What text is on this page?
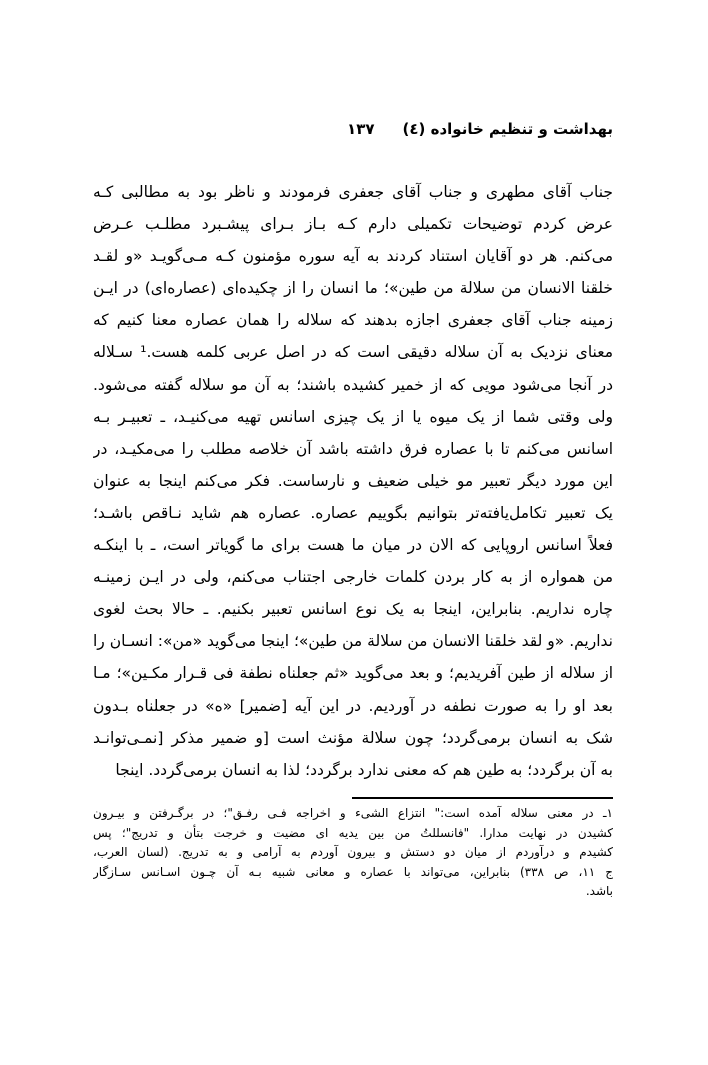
بهداشت و تنظیم خانواده (٤)
١٣٧
جناب آقای مطهری و جناب آقای جعفری فرمودند و ناظر بود به مطالبی کـه
عرض کردم توضیحات تکمیلی دارم کـه بـاز بـرای پیشـبرد مطلـب عـرض
می‌کنم. هر دو آقایان استناد کردند به آیه سوره مؤمنون کـه مـی‌گویـد «و لقـد
خلقنا الانسان من سلالة من طین»؛ ما انسان را از چکیده‌ای (عصاره‌ای) در ایـن
زمینه جناب آقای جعفری اجازه بدهند که سلاله را همان عصاره معنا کنیم که
معنای نزدیک به آن سلاله دقیقی است که در اصل عربی کلمه هست.¹ سـلاله
در آنجا می‌شود مویی که از خمیر کشیده باشند؛ به آن مو سلاله گفته می‌شود.
ولی وقتی شما از یک میوه یا از یک چیزی اسانس تهیه می‌کنیـد، ـ تعبیـر بـه
اسانس می‌کنم تا با عصاره فرق داشته باشد آن خلاصه مطلب را می‌مکیـد، در
این مورد دیگر تعبیر مو خیلی ضعیف و نارساست. فکر می‌کنم اینجا به عنوان
یک تعبیر تکامل‌یافته‌تر بتوانیم بگوییم عصاره. عصاره هم شاید نـاقص باشـد؛
فعلاً اسانس اروپایی که الان در میان ما هست برای ما گویاتر است، ـ با اینکـه
من همواره از به کار بردن کلمات خارجی اجتناب می‌کنم، ولی در ایـن زمینـه
چاره نداریم. بنابراین، اینجا به یک نوع اسانس تعبیر بکنیم. ـ حالا بحث لغوی
نداریم. «و لقد خلقنا الانسان من سلالة من طین»؛ اینجا می‌گوید «من»: انسـان را
از سلاله از طین آفریدیم؛ و بعد می‌گوید «ثم جعلناه نطفة فی قـرار مکـین»؛ مـا
بعد او را به صورت نطفه در آوردیم. در این آیه [ضمیر] «ه» در جعلناه بـدون
شک به انسان برمی‌گردد؛ چون سلالة مؤنث است [و ضمیر مذکر [نمـی‌توانـد
به آن برگردد؛ به طین هم که معنی ندارد برگردد؛ لذا به انسان برمی‌گردد. اینجا
١ـ در معنی سلاله آمده است:" انتزاع الشیء و اخراجه فـی رفـق"؛ در برگـرفتن و بیـرون
کشیدن در نهایت مدارا. "فانسللتُ من بین یدیه ای مضیت و خرجت بتأن و تدریج"؛ پس
کشیدم و درآوردم از میان دو دستش و بیرون آوردم به آرامی و به تدریج. (لسان العرب،
ج ١١، ص ٣٣٨) بنابراین، می‌تواند با عصاره و معانی شبیه بـه آن چـون اسـانس سـازگار
باشد.
